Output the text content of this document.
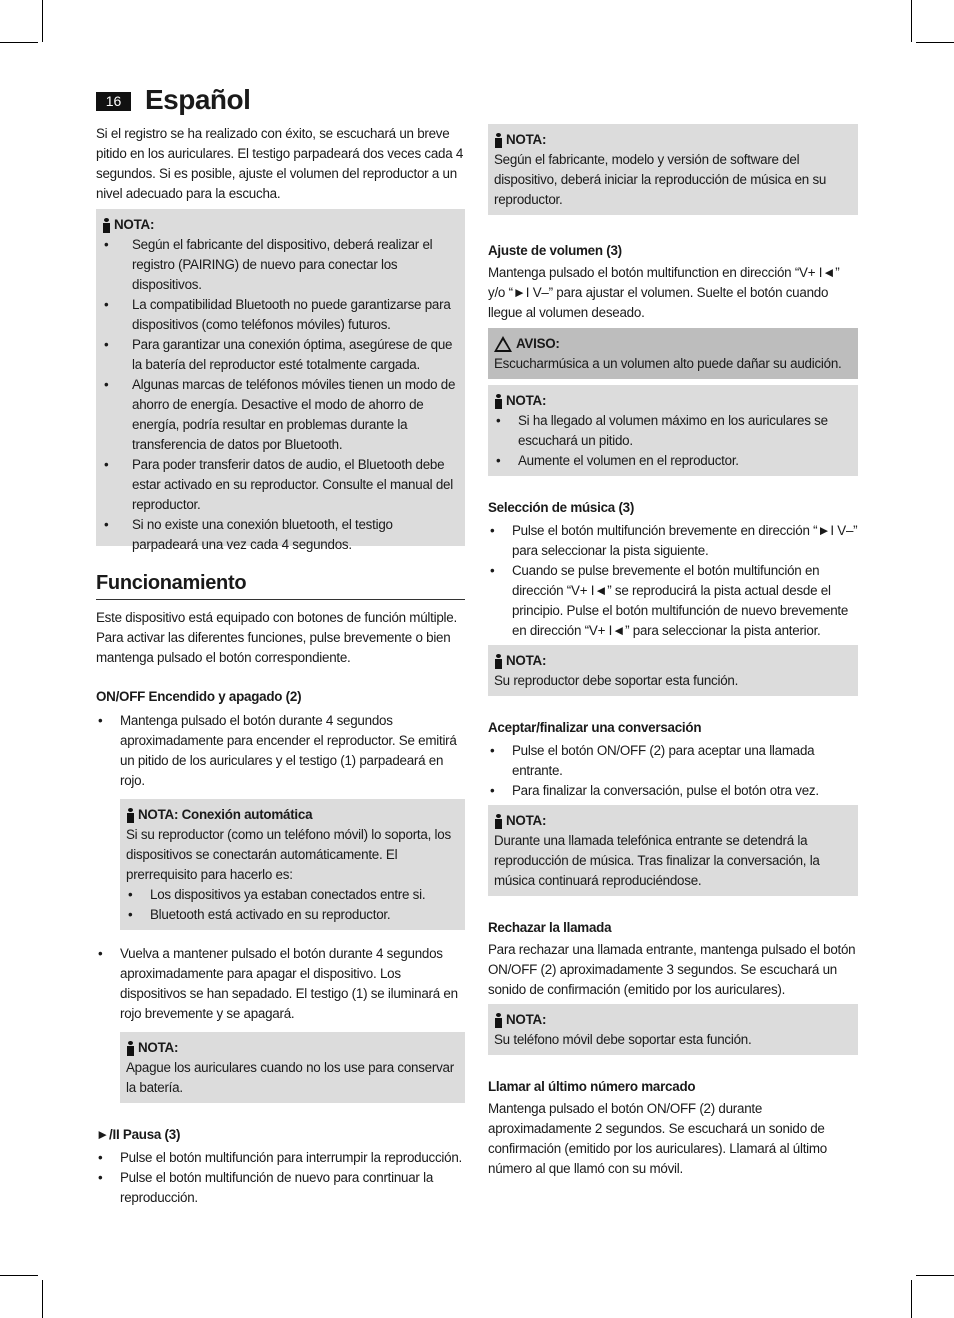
16 Español

Si el registro se ha realizado con éxito, se escuchará un breve pitido en los auriculares. El testigo parpadeará dos veces cada 4 segundos. Si es posible, ajuste el volumen del reproductor a un nivel adecuado para la escucha.

NOTA:
• Según el fabricante del dispositivo, deberá realizar el registro (PAIRING) de nuevo para conectar los dispositivos.
• La compatibilidad Bluetooth no puede garantizarse para dispositivos (como teléfonos móviles) futuros.
• Para garantizar una conexión óptima, asegúrese de que la batería del reproductor esté totalmente cargada.
• Algunas marcas de teléfonos móviles tienen un modo de ahorro de energía. Desactive el modo de ahorro de energía, podría resultar en problemas durante la transferencia de datos por Bluetooth.
• Para poder transferir datos de audio, el Bluetooth debe estar activado en su reproductor. Consulte el manual del reproductor.
• Si no existe una conexión bluetooth, el testigo parpadeará una vez cada 4 segundos.
Funcionamiento

Este dispositivo está equipado con botones de función múltiple. Para activar las diferentes funciones, pulse brevemente o bien mantenga pulsado el botón correspondiente.

ON/OFF Encendido y apagado (2)
• Mantenga pulsado el botón durante 4 segundos aproximadamente para encender el reproductor. Se emitirá un pitido de los auriculares y el testigo (1) parpadeará en rojo.
NOTA: Conexión automática

Si su reproductor (como un teléfono móvil) lo soporta, los dispositivos se conectarán automáticamente. El prerrequisito para hacerlo es:

• Los dispositivos ya estaban conectados entre si.
• Bluetooth está activado en su reproductor.
• Vuelva a mantener pulsado el botón durante 4 segundos aproximadamente para apagar el dispositivo. Los dispositivos se han sepadado. El testigo (1) se iluminará en rojo brevemente y se apagará.
NOTA:

Apague los auriculares cuando no los use para conservar la batería.

►/II Pausa (3)
• Pulse el botón multifunción para interrumpir la reproducción.
• Pulse el botón multifunción de nuevo para conrtinuar la reproducción.
NOTA:

Según el fabricante, modelo y versión de software del dispositivo, deberá iniciar la reproducción de música en su reproductor.

Ajuste de volumen (3)

Mantenga pulsado el botón multifunction en dirección “V+ I◄” y/o “►I V–” para ajustar el volumen. Suelte el botón cuando llegue al volumen deseado.

AVISO:

Escucharmúsica a un volumen alto puede dañar su audición.

NOTA:
• Si ha llegado al volumen máximo en los auriculares se escuchará un pitido.
• Aumente el volumen en el reproductor.
Selección de música (3)
• Pulse el botón multifunción brevemente en dirección “►I V–” para seleccionar la pista siguiente.
• Cuando se pulse brevemente el botón multifunción en dirección “V+ I◄” se reproducirá la pista actual desde el principio. Pulse el botón multifunción de nuevo brevemente en dirección “V+ I◄” para seleccionar la pista anterior.
NOTA:

Su reproductor debe soportar esta función.

Aceptar/finalizar una conversación
• Pulse el botón ON/OFF (2) para aceptar una llamada entrante.
• Para finalizar la conversación, pulse el botón otra vez.
NOTA:

Durante una llamada telefónica entrante se detendrá la reproducción de música. Tras finalizar la conversación, la música continuará reproduciéndose.

Rechazar la llamada

Para rechazar una llamada entrante, mantenga pulsado el botón ON/OFF (2) aproximadamente 3 segundos. Se escuchará un sonido de confirmación (emitido por los auriculares).

NOTA:

Su teléfono móvil debe soportar esta función.

Llamar al último número marcado

Mantenga pulsado el botón ON/OFF (2) durante aproximadamente 2 segundos. Se escuchará un sonido de confirmación (emitido por los auriculares). Llamará al último número al que llamó con su móvil.
